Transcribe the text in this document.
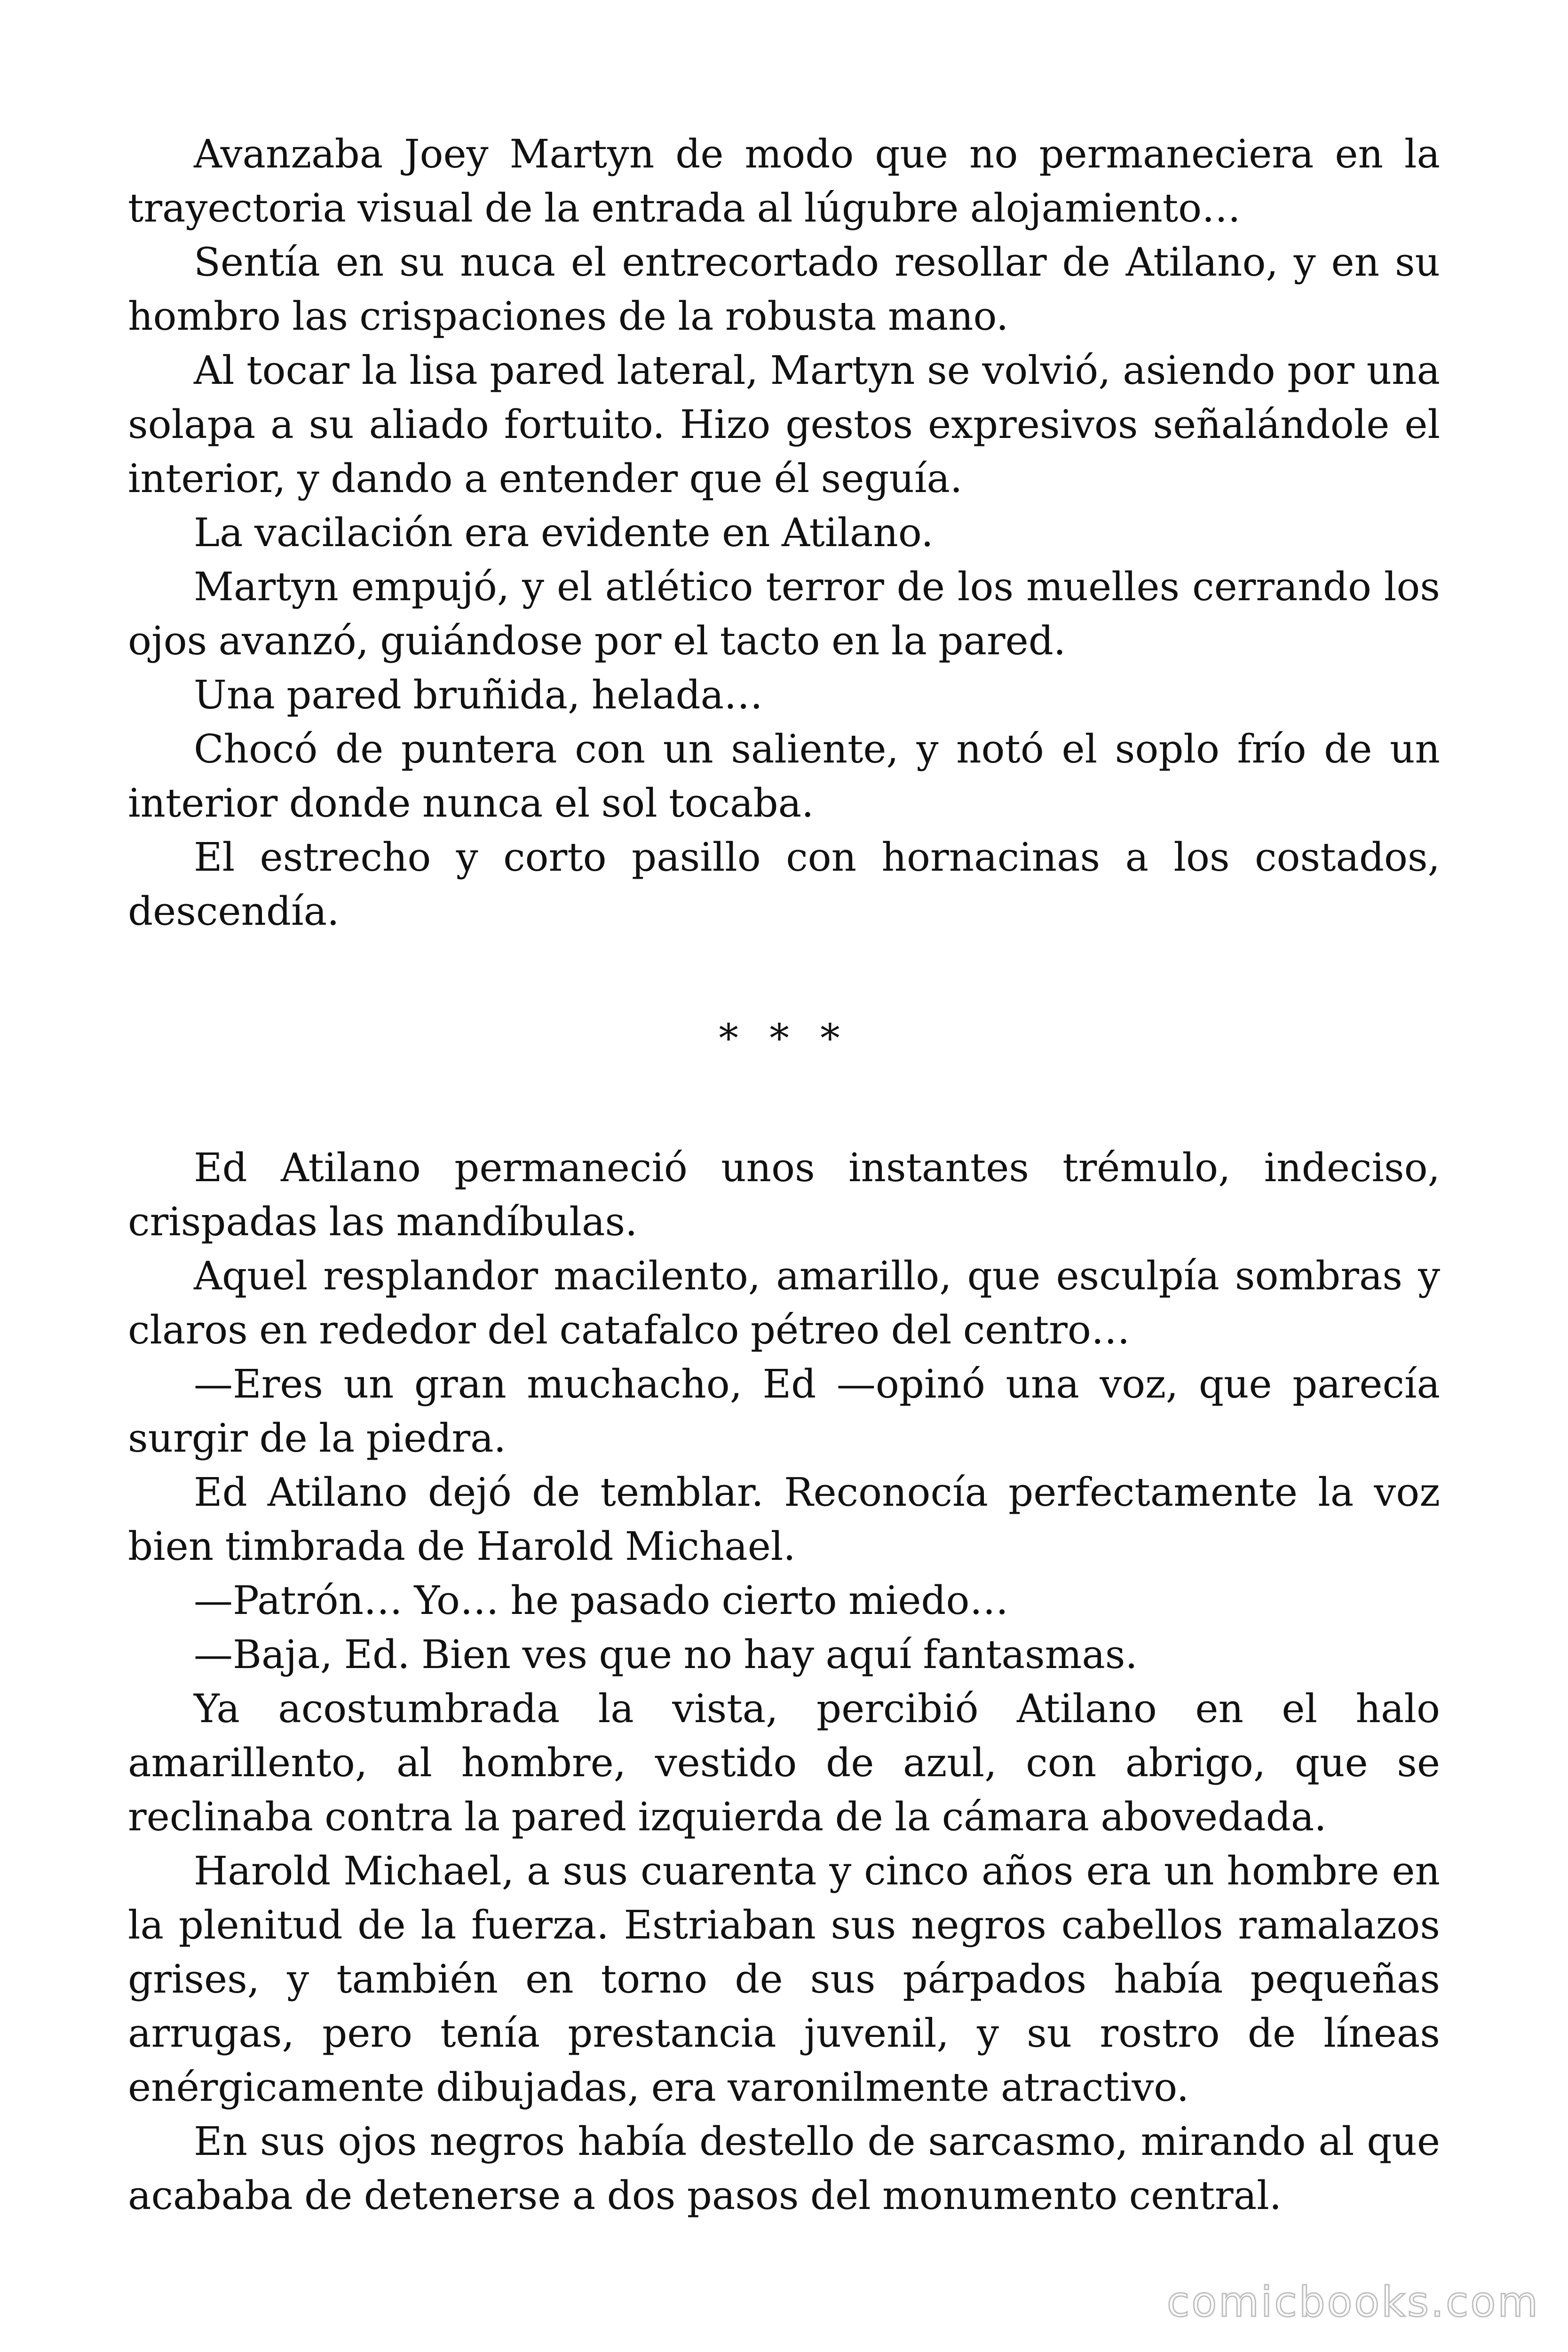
Avanzaba Joey Martyn de modo que no permaneciera en la trayectoria visual de la entrada al lúgubre alojamiento…

Sentía en su nuca el entrecortado resollar de Atilano, y en su hombro las crispaciones de la robusta mano.

Al tocar la lisa pared lateral, Martyn se volvió, asiendo por una solapa a su aliado fortuito. Hizo gestos expresivos señalándole el interior, y dando a entender que él seguía.

La vacilación era evidente en Atilano.

Martyn empujó, y el atlético terror de los muelles cerrando los ojos avanzó, guiándose por el tacto en la pared.

Una pared bruñida, helada…

Chocó de puntera con un saliente, y notó el soplo frío de un interior donde nunca el sol tocaba.

El estrecho y corto pasillo con hornacinas a los costados, descendía.

* * *

Ed Atilano permaneció unos instantes trémulo, indeciso, crispadas las mandíbulas.

Aquel resplandor macilento, amarillo, que esculpía sombras y claros en rededor del catafalco pétreo del centro…

—Eres un gran muchacho, Ed —opinó una voz, que parecía surgir de la piedra.

Ed Atilano dejó de temblar. Reconocía perfectamente la voz bien timbrada de Harold Michael.

—Patrón… Yo… he pasado cierto miedo…

—Baja, Ed. Bien ves que no hay aquí fantasmas.

Ya acostumbrada la vista, percibió Atilano en el halo amarillento, al hombre, vestido de azul, con abrigo, que se reclinaba contra la pared izquierda de la cámara abovedada.

Harold Michael, a sus cuarenta y cinco años era un hombre en la plenitud de la fuerza. Estriaban sus negros cabellos ramalazos grises, y también en torno de sus párpados había pequeñas arrugas, pero tenía prestancia juvenil, y su rostro de líneas enérgicamente dibujadas, era varonilmente atractivo.

En sus ojos negros había destello de sarcasmo, mirando al que acababa de detenerse a dos pasos del monumento central.

comicbooks.com
